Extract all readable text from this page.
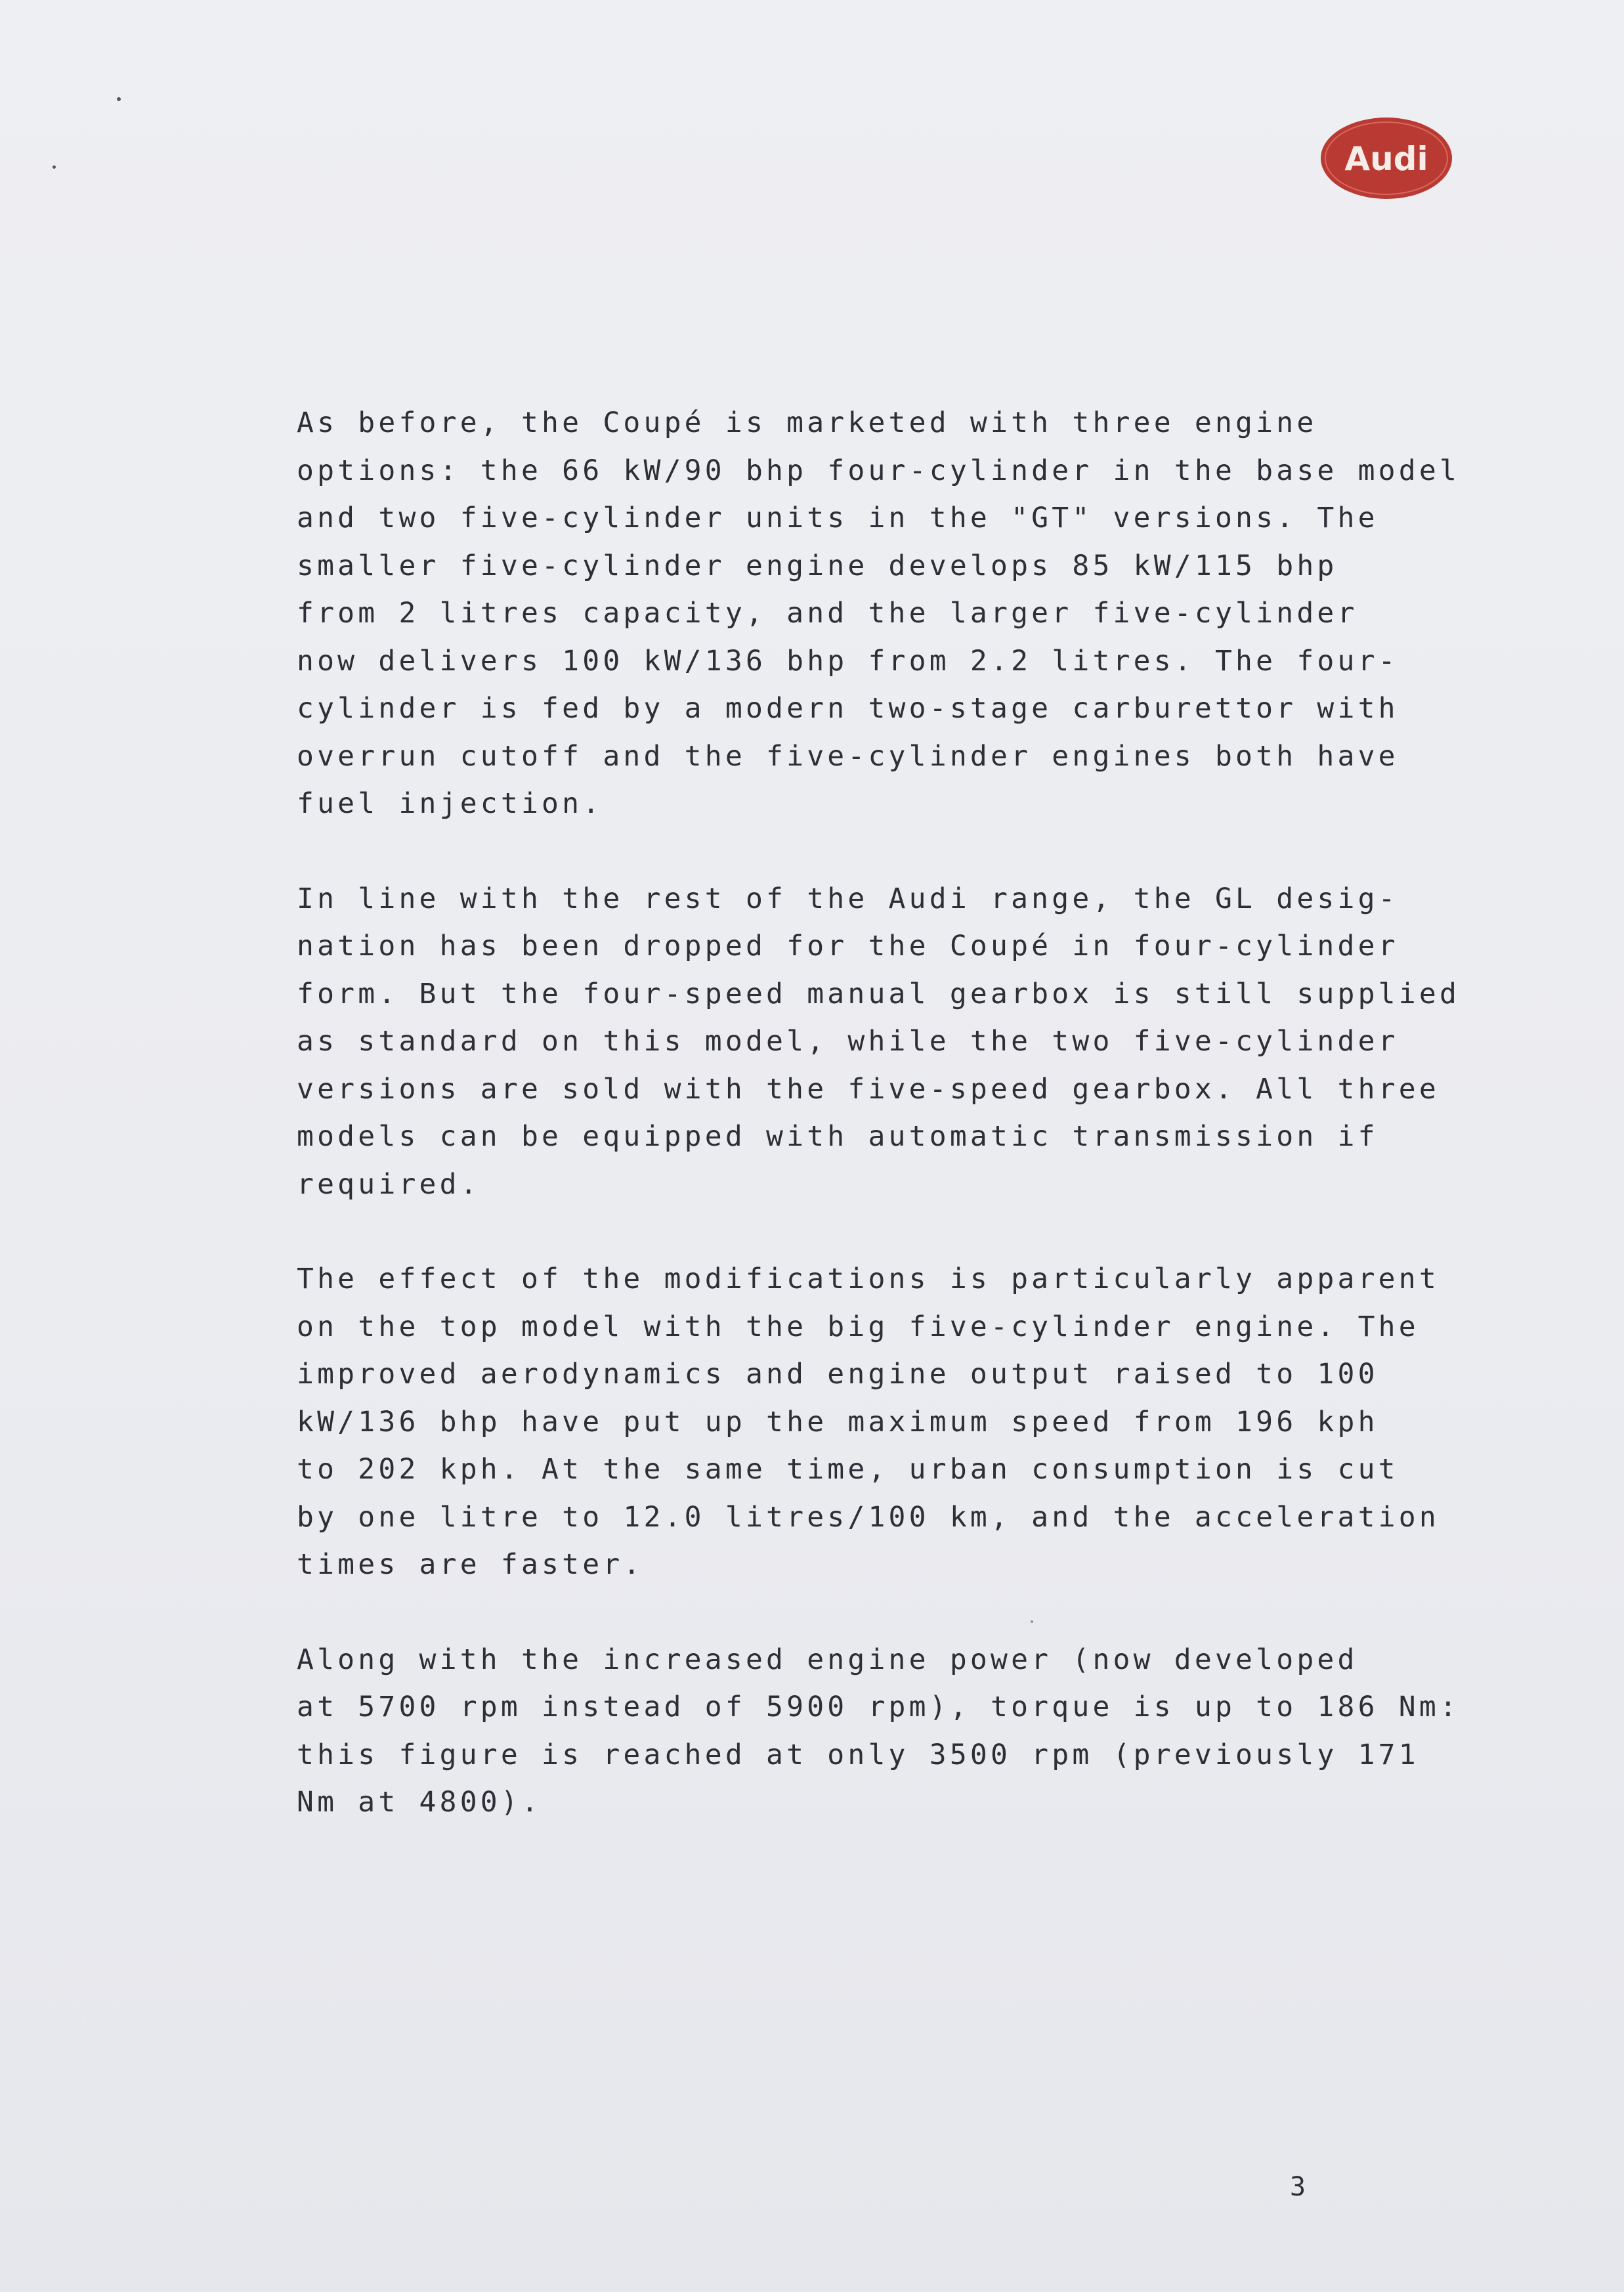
Audi

As before, the Coupé is marketed with three engine
options: the 66 kW/90 bhp four-cylinder in the base model
and two five-cylinder units in the "GT" versions. The
smaller five-cylinder engine develops 85 kW/115 bhp
from 2 litres capacity, and the larger five-cylinder
now delivers 100 kW/136 bhp from 2.2 litres. The four-
cylinder is fed by a modern two-stage carburettor with
overrun cutoff and the five-cylinder engines both have
fuel injection.

In line with the rest of the Audi range, the GL desig-
nation has been dropped for the Coupé in four-cylinder
form. But the four-speed manual gearbox is still supplied
as standard on this model, while the two five-cylinder
versions are sold with the five-speed gearbox. All three
models can be equipped with automatic transmission if
required.

The effect of the modifications is particularly apparent
on the top model with the big five-cylinder engine. The
improved aerodynamics and engine output raised to 100
kW/136 bhp have put up the maximum speed from 196 kph
to 202 kph. At the same time, urban consumption is cut
by one litre to 12.0 litres/100 km, and the acceleration
times are faster.

Along with the increased engine power (now developed
at 5700 rpm instead of 5900 rpm), torque is up to 186 Nm:
this figure is reached at only 3500 rpm (previously 171
Nm at 4800).

3
